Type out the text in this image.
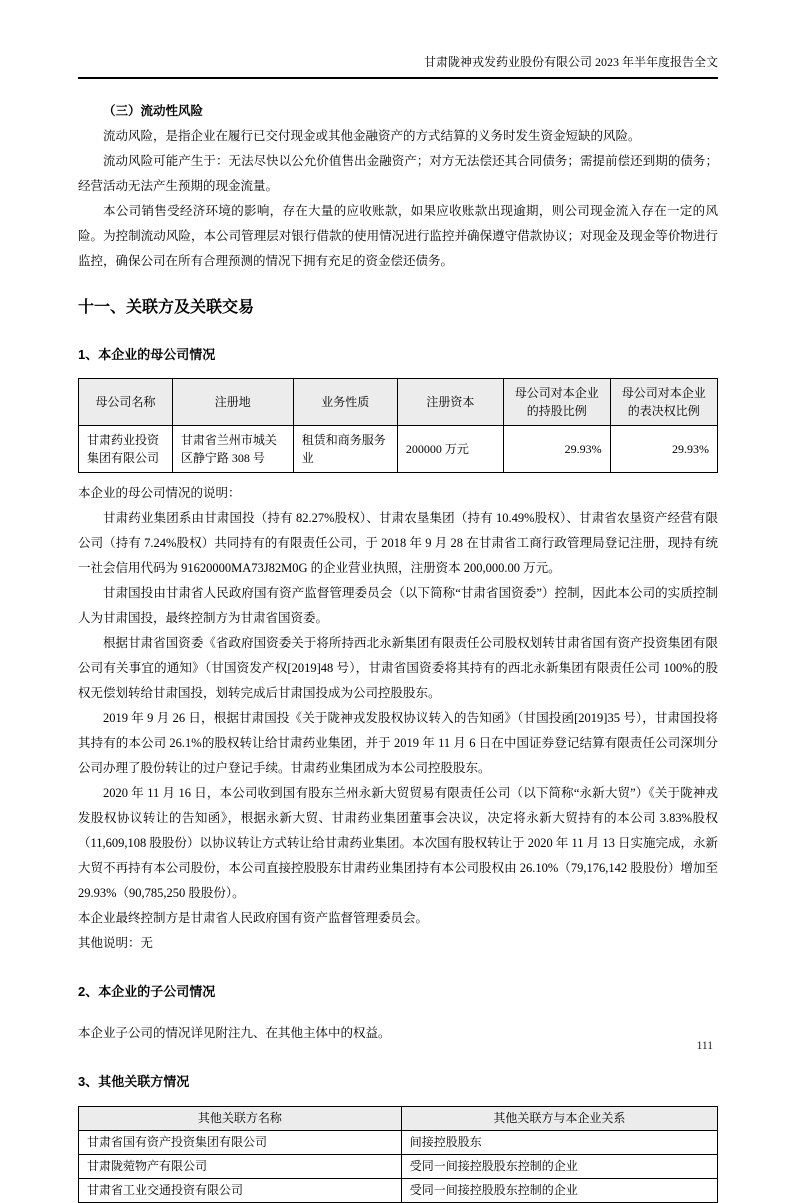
甘肃陇神戎发药业股份有限公司 2023 年半年度报告全文
（三）流动性风险

流动风险，是指企业在履行已交付现金或其他金融资产的方式结算的义务时发生资金短缺的风险。

流动风险可能产生于：无法尽快以公允价值售出金融资产；对方无法偿还其合同债务；需提前偿还到期的债务；经营活动无法产生预期的现金流量。

本公司销售受经济环境的影响，存在大量的应收账款，如果应收账款出现逾期，则公司现金流入存在一定的风险。为控制流动风险，本公司管理层对银行借款的使用情况进行监控并确保遵守借款协议；对现金及现金等价物进行监控，确保公司在所有合理预测的情况下拥有充足的资金偿还债务。

十一、关联方及关联交易
1、本企业的母公司情况
母公司名称	注册地	业务性质	注册资本	母公司对本企业的持股比例	母公司对本企业的表决权比例
甘肃药业投资集团有限公司	甘肃省兰州市城关区静宁路 308 号	租赁和商务服务业	200000 万元	29.93%	29.93%

本企业的母公司情况的说明：

甘肃药业集团系由甘肃国投（持有 82.27%股权）、甘肃农垦集团（持有 10.49%股权）、甘肃省农垦资产经营有限公司（持有 7.24%股权）共同持有的有限责任公司，于 2018 年 9 月 28 在甘肃省工商行政管理局登记注册，现持有统一社会信用代码为 91620000MA73J82M0G 的企业营业执照，注册资本 200,000.00 万元。

甘肃国投由甘肃省人民政府国有资产监督管理委员会（以下简称“甘肃省国资委”）控制，因此本公司的实质控制人为甘肃国投，最终控制方为甘肃省国资委。

根据甘肃省国资委《省政府国资委关于将所持西北永新集团有限责任公司股权划转甘肃省国有资产投资集团有限公司有关事宜的通知》（甘国资发产权[2019]48 号），甘肃省国资委将其持有的西北永新集团有限责任公司 100%的股权无偿划转给甘肃国投，划转完成后甘肃国投成为公司控股股东。

2019 年 9 月 26 日，根据甘肃国投《关于陇神戎发股权协议转入的告知函》（甘国投函[2019]35 号），甘肃国投将其持有的本公司 26.1%的股权转让给甘肃药业集团，并于 2019 年 11 月 6 日在中国证券登记结算有限责任公司深圳分公司办理了股份转让的过户登记手续。甘肃药业集团成为本公司控股股东。

2020 年 11 月 16 日，本公司收到国有股东兰州永新大贸贸易有限责任公司（以下简称“永新大贸”）《关于陇神戎发股权协议转让的告知函》，根据永新大贸、甘肃药业集团董事会决议，决定将永新大贸持有的本公司 3.83%股权（11,609,108 股股份）以协议转让方式转让给甘肃药业集团。本次国有股权转让于 2020 年 11 月 13 日实施完成，永新大贸不再持有本公司股份，本公司直接控股股东甘肃药业集团持有本公司股权由 26.10%（79,176,142 股股份）增加至 29.93%（90,785,250 股股份）。

本企业最终控制方是甘肃省人民政府国有资产监督管理委员会。

其他说明：无

2、本企业的子公司情况

本企业子公司的情况详见附注九、在其他主体中的权益。

3、其他关联方情况
其他关联方名称	其他关联方与本企业关系
甘肃省国有资产投资集团有限公司	间接控股股东
甘肃陇菀物产有限公司	受同一间接控股股东控制的企业
甘肃省工业交通投资有限公司	受同一间接控股股东控制的企业
111
